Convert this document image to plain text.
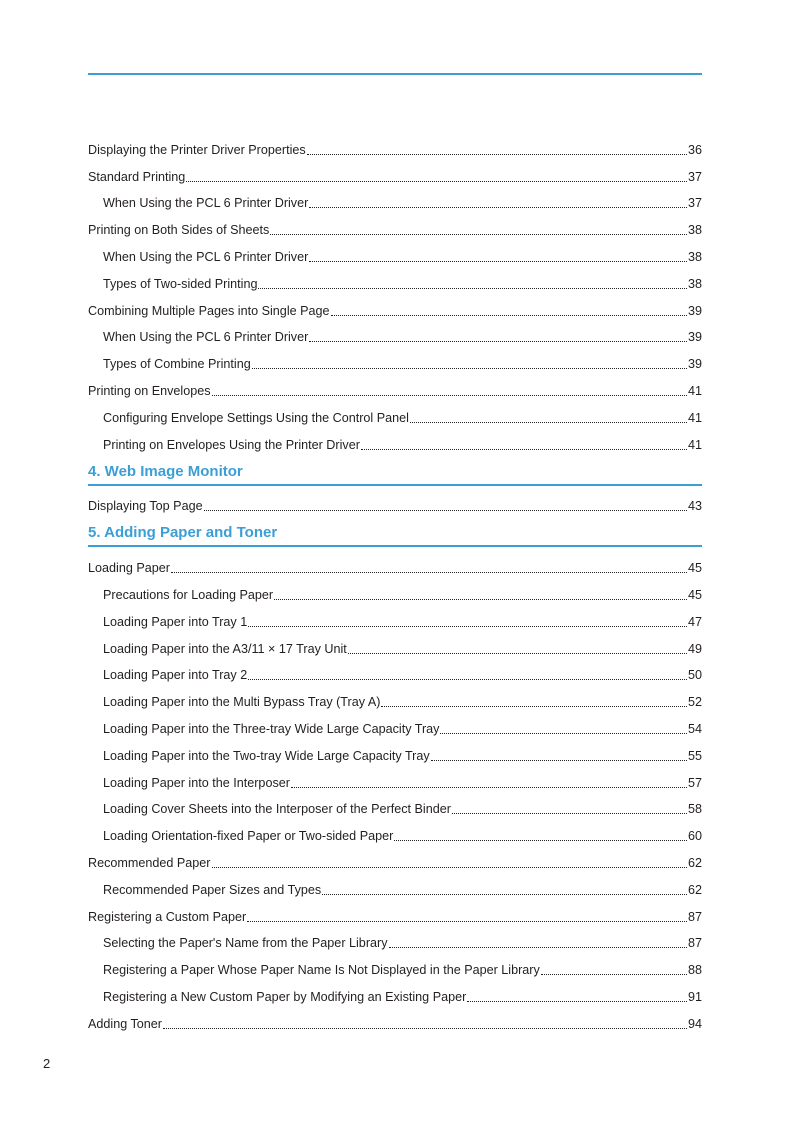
Displaying the Printer Driver Properties	36
Standard Printing	37
When Using the PCL 6 Printer Driver	37
Printing on Both Sides of Sheets	38
When Using the PCL 6 Printer Driver	38
Types of Two-sided Printing	38
Combining Multiple Pages into Single Page	39
When Using the PCL 6 Printer Driver	39
Types of Combine Printing	39
Printing on Envelopes	41
Configuring Envelope Settings Using the Control Panel	41
Printing on Envelopes Using the Printer Driver	41
4. Web Image Monitor
Displaying Top Page	43
5. Adding Paper and Toner
Loading Paper	45
Precautions for Loading Paper	45
Loading Paper into Tray 1	47
Loading Paper into the A3/11 × 17 Tray Unit	49
Loading Paper into Tray 2	50
Loading Paper into the Multi Bypass Tray (Tray A)	52
Loading Paper into the Three-tray Wide Large Capacity Tray	54
Loading Paper into the Two-tray Wide Large Capacity Tray	55
Loading Paper into the Interposer	57
Loading Cover Sheets into the Interposer of the Perfect Binder	58
Loading Orientation-fixed Paper or Two-sided Paper	60
Recommended Paper	62
Recommended Paper Sizes and Types	62
Registering a Custom Paper	87
Selecting the Paper's Name from the Paper Library	87
Registering a Paper Whose Paper Name Is Not Displayed in the Paper Library	88
Registering a New Custom Paper by Modifying an Existing Paper	91
Adding Toner	94
2
